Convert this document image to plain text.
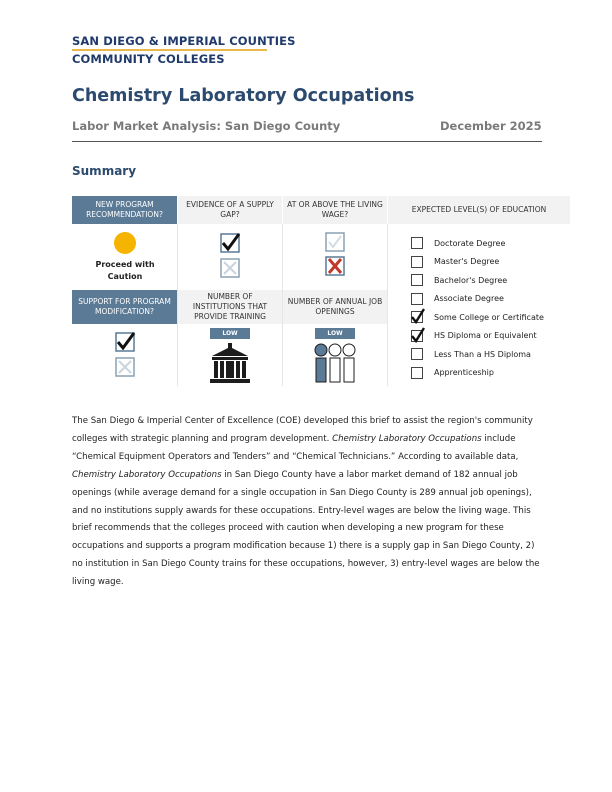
SAN DIEGO & IMPERIAL COUNTIES
COMMUNITY COLLEGES
Chemistry Laboratory Occupations
Labor Market Analysis: San Diego County	December 2025
Summary
NEW PROGRAM RECOMMENDATION?
EVIDENCE OF A SUPPLY GAP?
AT OR ABOVE THE LIVING WAGE?
EXPECTED LEVEL(S) OF EDUCATION
SUPPORT FOR PROGRAM MODIFICATION?
NUMBER OF INSTITUTIONS THAT PROVIDE TRAINING
NUMBER OF ANNUAL JOB OPENINGS
Proceed with Caution
LOW	LOW
Doctorate Degree
Master's Degree
Bachelor's Degree
Associate Degree
Some College or Certificate
HS Diploma or Equivalent
Less Than a HS Diploma
Apprenticeship

The San Diego & Imperial Center of Excellence (COE) developed this brief to assist the region's community colleges with strategic planning and program development. Chemistry Laboratory Occupations include “Chemical Equipment Operators and Tenders” and “Chemical Technicians.” According to available data, Chemistry Laboratory Occupations in San Diego County have a labor market demand of 182 annual job openings (while average demand for a single occupation in San Diego County is 289 annual job openings), and no institutions supply awards for these occupations. Entry-level wages are below the living wage. This brief recommends that the colleges proceed with caution when developing a new program for these occupations and supports a program modification because 1) there is a supply gap in San Diego County, 2) no institution in San Diego County trains for these occupations, however, 3) entry-level wages are below the living wage.
